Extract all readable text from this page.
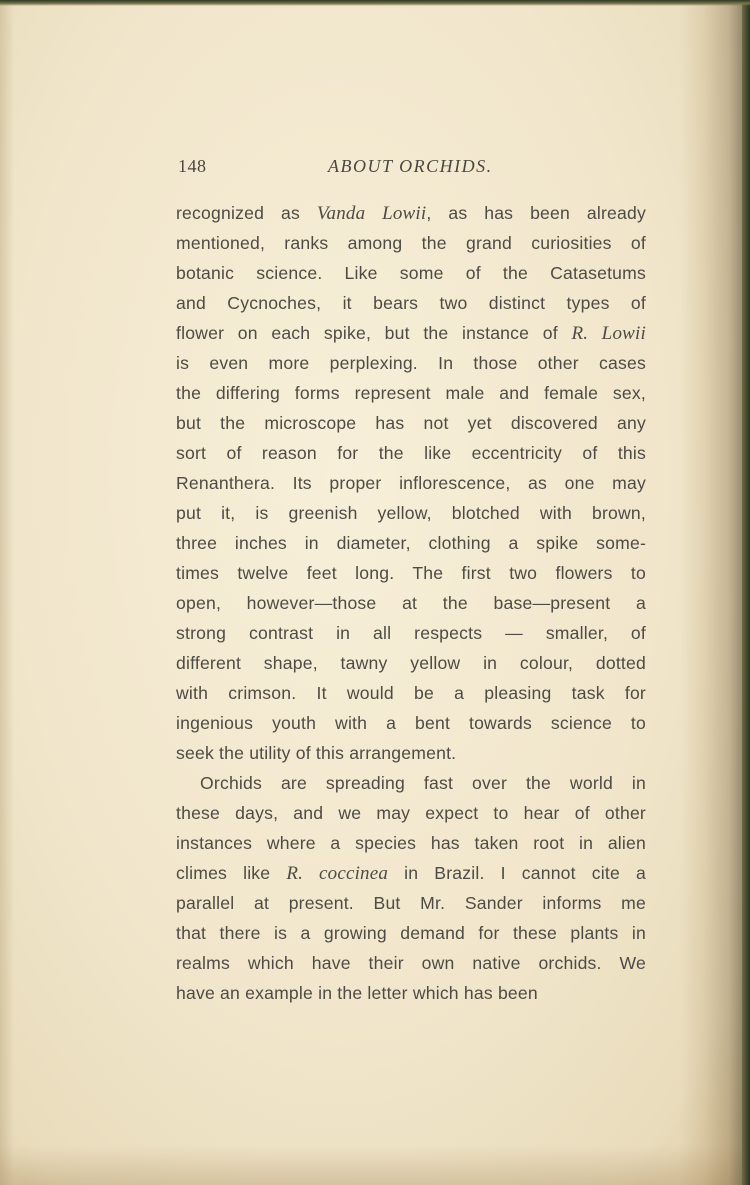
148	ABOUT ORCHIDS.
recognized as Vanda Lowii, as has been already
mentioned, ranks among the grand curiosities of
botanic science. Like some of the Catasetums
and Cycnoches, it bears two distinct types of
flower on each spike, but the instance of R. Lowii
is even more perplexing. In those other cases
the differing forms represent male and female sex,
but the microscope has not yet discovered any
sort of reason for the like eccentricity of this
Renanthera. Its proper inflorescence, as one may
put it, is greenish yellow, blotched with brown,
three inches in diameter, clothing a spike some-
times twelve feet long. The first two flowers to
open, however—those at the base—present a
strong contrast in all respects — smaller, of
different shape, tawny yellow in colour, dotted
with crimson. It would be a pleasing task for
ingenious youth with a bent towards science to
seek the utility of this arrangement.
Orchids are spreading fast over the world in
these days, and we may expect to hear of other
instances where a species has taken root in alien
climes like R. coccinea in Brazil. I cannot cite a
parallel at present. But Mr. Sander informs me
that there is a growing demand for these plants in
realms which have their own native orchids. We
have an example in the letter which has been
